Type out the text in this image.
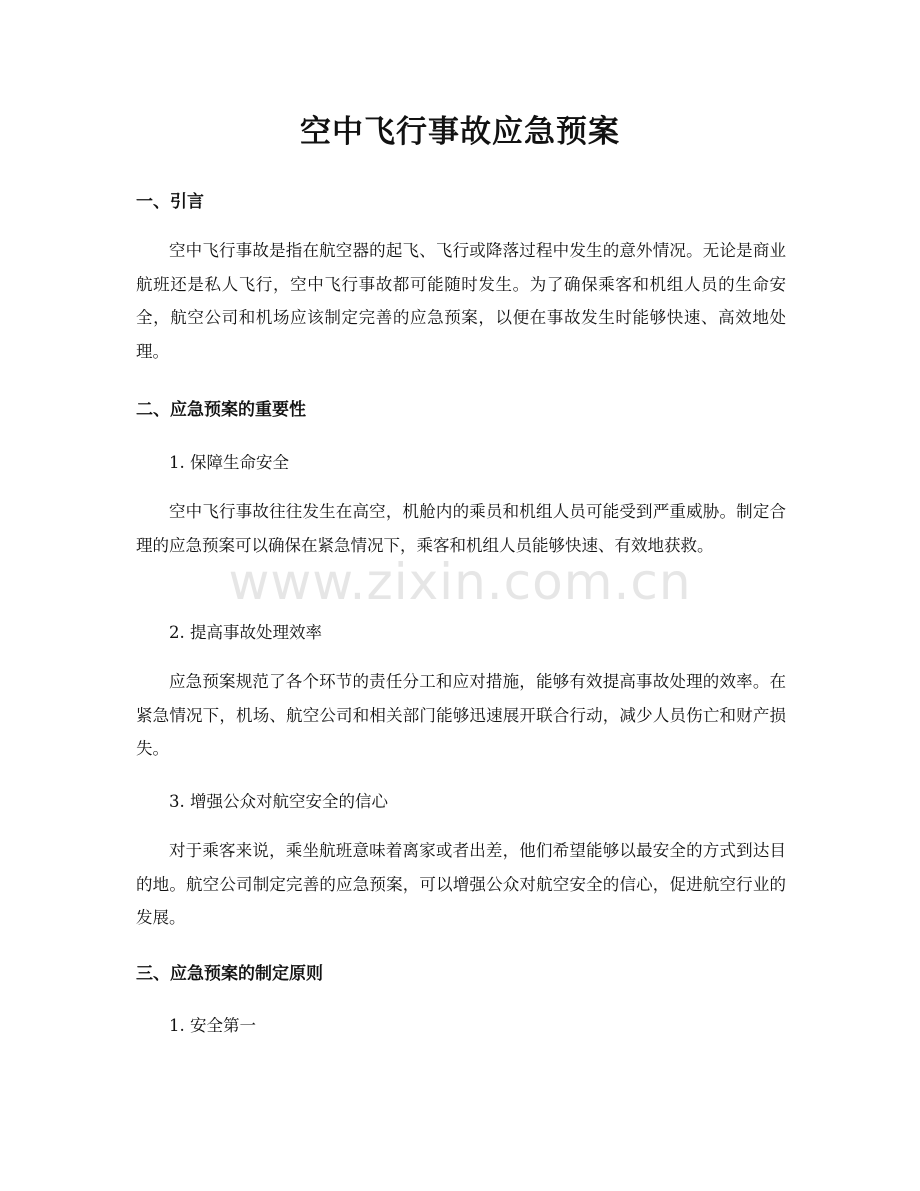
空中飞行事故应急预案
一、引言

空中飞行事故是指在航空器的起飞、飞行或降落过程中发生的意外情况。无论是商业航班还是私人飞行，空中飞行事故都可能随时发生。为了确保乘客和机组人员的生命安全，航空公司和机场应该制定完善的应急预案，以便在事故发生时能够快速、高效地处理。

二、应急预案的重要性

1. 保障生命安全

空中飞行事故往往发生在高空，机舱内的乘员和机组人员可能受到严重威胁。制定合理的应急预案可以确保在紧急情况下，乘客和机组人员能够快速、有效地获救。

2. 提高事故处理效率

应急预案规范了各个环节的责任分工和应对措施，能够有效提高事故处理的效率。在紧急情况下，机场、航空公司和相关部门能够迅速展开联合行动，减少人员伤亡和财产损失。

3. 增强公众对航空安全的信心

对于乘客来说，乘坐航班意味着离家或者出差，他们希望能够以最安全的方式到达目的地。航空公司制定完善的应急预案，可以增强公众对航空安全的信心，促进航空行业的发展。

三、应急预案的制定原则

1. 安全第一

www.zixin.com.cn
